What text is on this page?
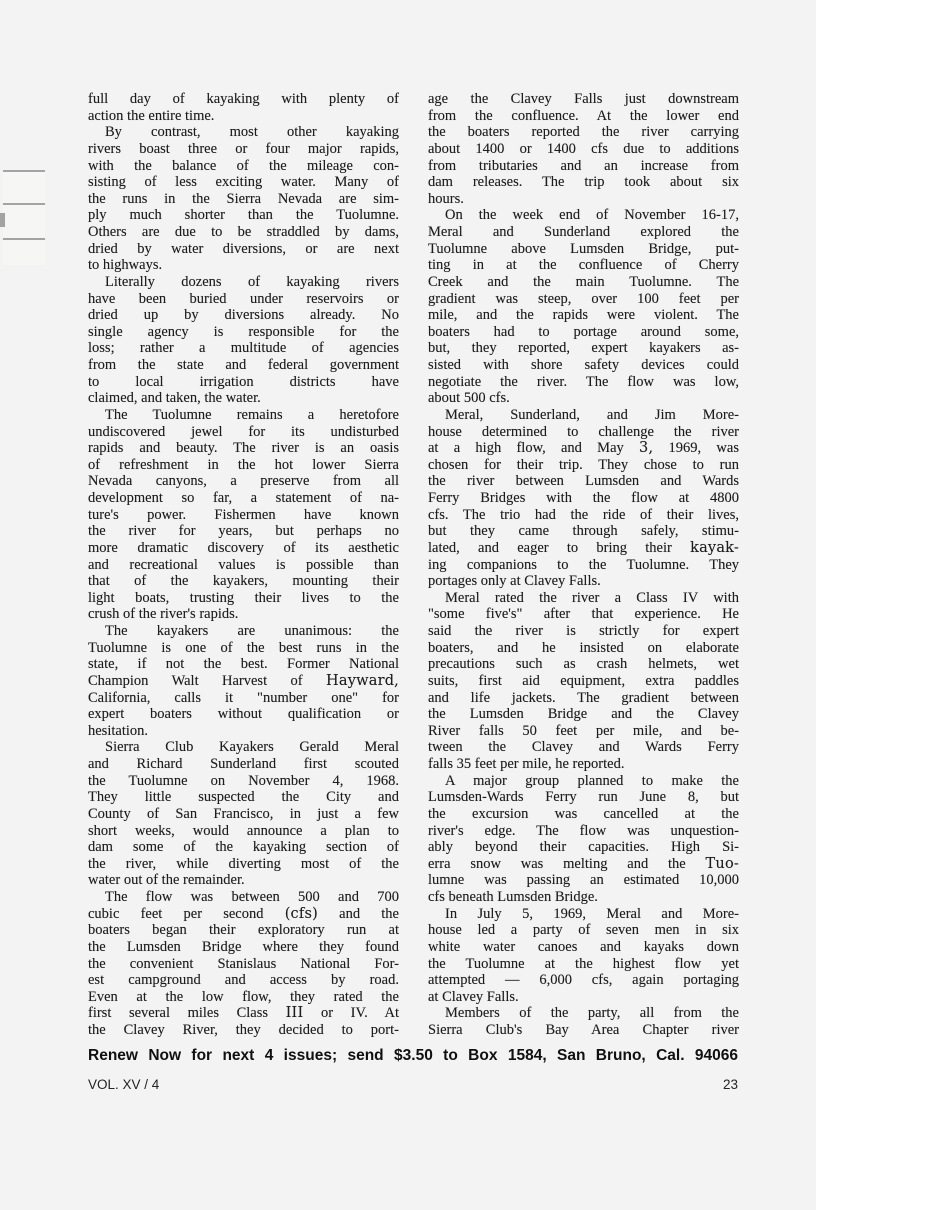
full day of kayaking with plenty of
action the entire time.
By contrast, most other kayaking
rivers boast three or four major rapids,
with the balance of the mileage con-
sisting of less exciting water. Many of
the runs in the Sierra Nevada are sim-
ply much shorter than the Tuolumne.
Others are due to be straddled by dams,
dried by water diversions, or are next
to highways.
Literally dozens of kayaking rivers
have been buried under reservoirs or
dried up by diversions already. No
single agency is responsible for the
loss; rather a multitude of agencies
from the state and federal government
to local irrigation districts have
claimed, and taken, the water.
The Tuolumne remains a heretofore
undiscovered jewel for its undisturbed
rapids and beauty. The river is an oasis
of refreshment in the hot lower Sierra
Nevada canyons, a preserve from all
development so far, a statement of na-
ture's power. Fishermen have known
the river for years, but perhaps no
more dramatic discovery of its aesthetic
and recreational values is possible than
that of the kayakers, mounting their
light boats, trusting their lives to the
crush of the river's rapids.
The kayakers are unanimous: the
Tuolumne is one of the best runs in the
state, if not the best. Former National
Champion Walt Harvest of Hayward,
California, calls it "number one" for
expert boaters without qualification or
hesitation.
Sierra Club Kayakers Gerald Meral
and Richard Sunderland first scouted
the Tuolumne on November 4, 1968.
They little suspected the City and
County of San Francisco, in just a few
short weeks, would announce a plan to
dam some of the kayaking section of
the river, while diverting most of the
water out of the remainder.
The flow was between 500 and 700
cubic feet per second (cfs) and the
boaters began their exploratory run at
the Lumsden Bridge where they found
the convenient Stanislaus National For-
est campground and access by road.
Even at the low flow, they rated the
first several miles Class III or IV. At
the Clavey River, they decided to port-
age the Clavey Falls just downstream
from the confluence. At the lower end
the boaters reported the river carrying
about 1400 or 1400 cfs due to additions
from tributaries and an increase from
dam releases. The trip took about six
hours.
On the week end of November 16-17,
Meral and Sunderland explored the
Tuolumne above Lumsden Bridge, put-
ting in at the confluence of Cherry
Creek and the main Tuolumne. The
gradient was steep, over 100 feet per
mile, and the rapids were violent. The
boaters had to portage around some,
but, they reported, expert kayakers as-
sisted with shore safety devices could
negotiate the river. The flow was low,
about 500 cfs.
Meral, Sunderland, and Jim More-
house determined to challenge the river
at a high flow, and May 3, 1969, was
chosen for their trip. They chose to run
the river between Lumsden and Wards
Ferry Bridges with the flow at 4800
cfs. The trio had the ride of their lives,
but they came through safely, stimu-
lated, and eager to bring their kayak-
ing companions to the Tuolumne. They
portages only at Clavey Falls.
Meral rated the river a Class IV with
"some five's" after that experience. He
said the river is strictly for expert
boaters, and he insisted on elaborate
precautions such as crash helmets, wet
suits, first aid equipment, extra paddles
and life jackets. The gradient between
the Lumsden Bridge and the Clavey
River falls 50 feet per mile, and be-
tween the Clavey and Wards Ferry
falls 35 feet per mile, he reported.
A major group planned to make the
Lumsden-Wards Ferry run June 8, but
the excursion was cancelled at the
river's edge. The flow was unquestion-
ably beyond their capacities. High Si-
erra snow was melting and the Tuo-
lumne was passing an estimated 10,000
cfs beneath Lumsden Bridge.
In July 5, 1969, Meral and More-
house led a party of seven men in six
white water canoes and kayaks down
the Tuolumne at the highest flow yet
attempted — 6,000 cfs, again portaging
at Clavey Falls.
Members of the party, all from the
Sierra Club's Bay Area Chapter river
Renew Now for next 4 issues; send $3.50 to Box 1584, San Bruno, Cal. 94066
VOL. XV / 4	23
